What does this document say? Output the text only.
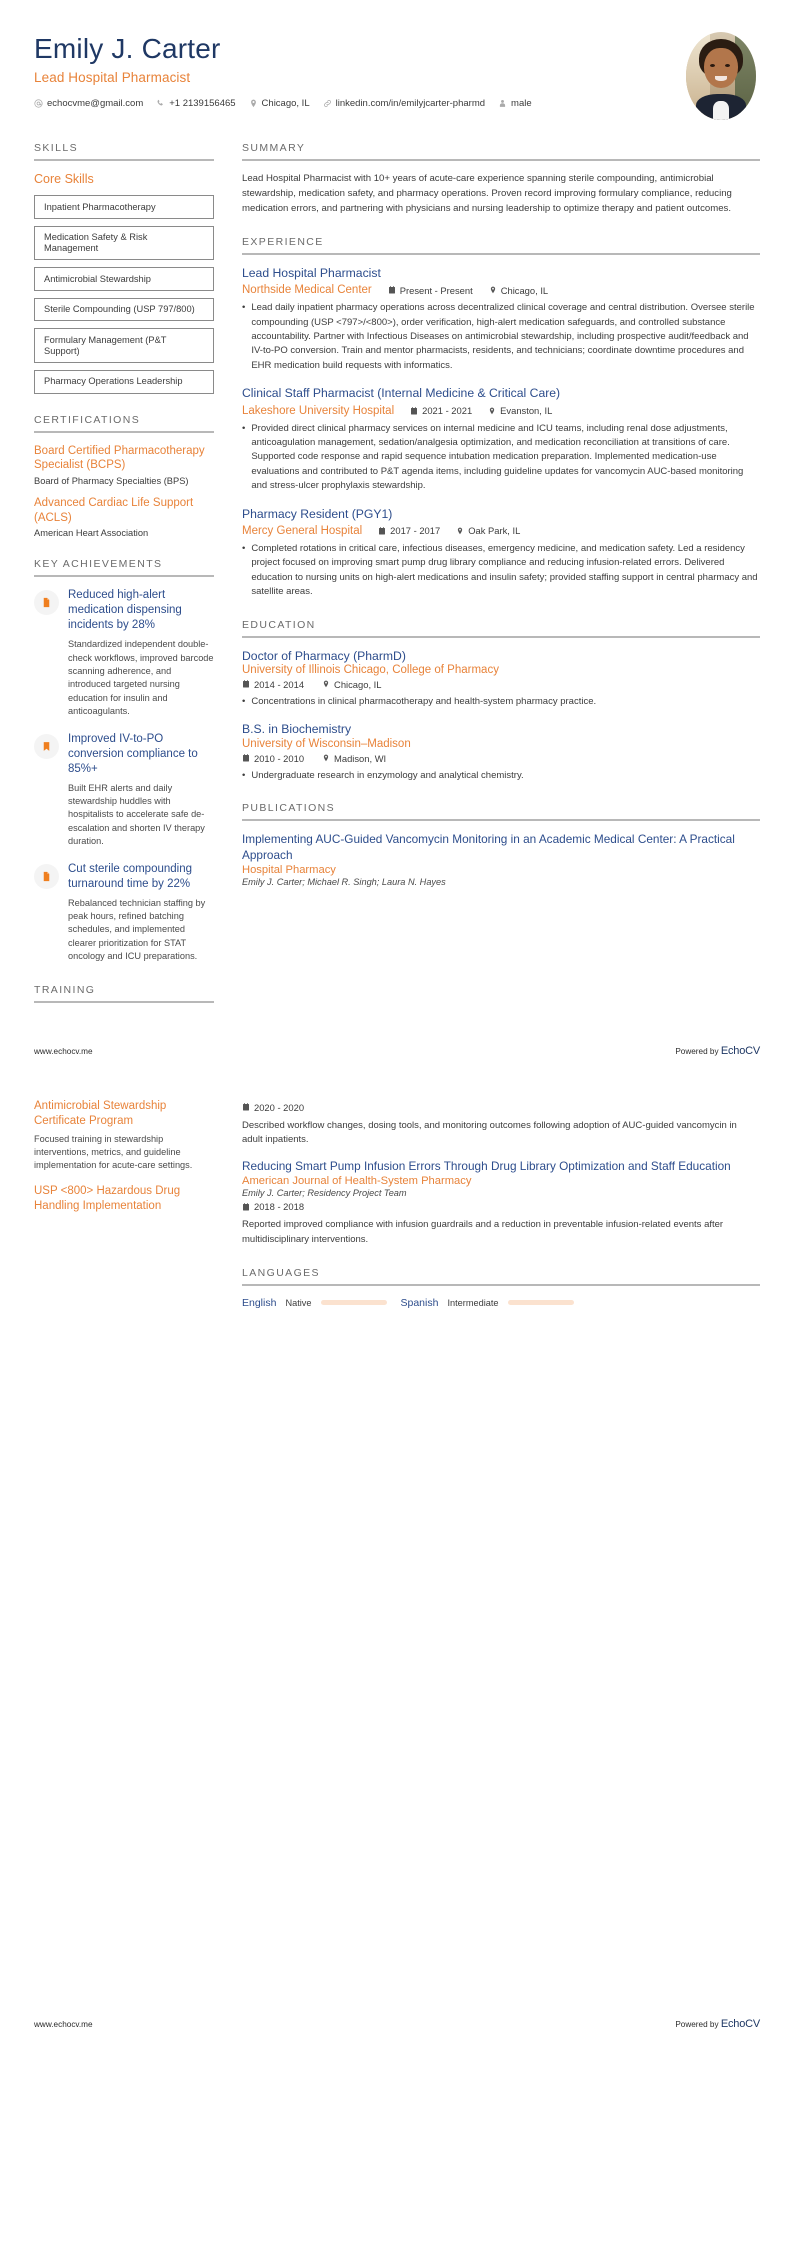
Emily J. Carter
Lead Hospital Pharmacist
echocvme@gmail.com	+1 2139156465	Chicago, IL	linkedin.com/in/emilyjcarter-pharmd	male
SKILLS
Core Skills
Inpatient Pharmacotherapy
Medication Safety & Risk Management
Antimicrobial Stewardship
Sterile Compounding (USP 797/800)
Formulary Management (P&T Support)
Pharmacy Operations Leadership
CERTIFICATIONS
Board Certified Pharmacotherapy Specialist (BCPS)
Board of Pharmacy Specialties (BPS)
Advanced Cardiac Life Support (ACLS)
American Heart Association
KEY ACHIEVEMENTS
Reduced high-alert medication dispensing incidents by 28%
Standardized independent double-check workflows, improved barcode scanning adherence, and introduced targeted nursing education for insulin and anticoagulants.
Improved IV-to-PO conversion compliance to 85%+
Built EHR alerts and daily stewardship huddles with hospitalists to accelerate safe de-escalation and shorten IV therapy duration.
Cut sterile compounding turnaround time by 22%
Rebalanced technician staffing by peak hours, refined batching schedules, and implemented clearer prioritization for STAT oncology and ICU preparations.
TRAINING
SUMMARY
Lead Hospital Pharmacist with 10+ years of acute-care experience spanning sterile compounding, antimicrobial stewardship, medication safety, and pharmacy operations. Proven record improving formulary compliance, reducing medication errors, and partnering with physicians and nursing leadership to optimize therapy and patient outcomes.
EXPERIENCE
Lead Hospital Pharmacist
Northside Medical Center	Present - Present	Chicago, IL
• Lead daily inpatient pharmacy operations across decentralized clinical coverage and central distribution. Oversee sterile compounding (USP <797>/<800>), order verification, high-alert medication safeguards, and controlled substance accountability. Partner with Infectious Diseases on antimicrobial stewardship, including prospective audit/feedback and IV-to-PO conversion. Train and mentor pharmacists, residents, and technicians; coordinate downtime procedures and EHR medication build requests with informatics.
Clinical Staff Pharmacist (Internal Medicine & Critical Care)
Lakeshore University Hospital	2021 - 2021	Evanston, IL
• Provided direct clinical pharmacy services on internal medicine and ICU teams, including renal dose adjustments, anticoagulation management, sedation/analgesia optimization, and medication reconciliation at transitions of care. Supported code response and rapid sequence intubation medication preparation. Implemented medication-use evaluations and contributed to P&T agenda items, including guideline updates for vancomycin AUC-based monitoring and stress-ulcer prophylaxis stewardship.
Pharmacy Resident (PGY1)
Mercy General Hospital	2017 - 2017	Oak Park, IL
• Completed rotations in critical care, infectious diseases, emergency medicine, and medication safety. Led a residency project focused on improving smart pump drug library compliance and reducing infusion-related errors. Delivered education to nursing units on high-alert medications and insulin safety; provided staffing support in central pharmacy and satellite areas.
EDUCATION
Doctor of Pharmacy (PharmD)
University of Illinois Chicago, College of Pharmacy
2014 - 2014	Chicago, IL
• Concentrations in clinical pharmacotherapy and health-system pharmacy practice.
B.S. in Biochemistry
University of Wisconsin–Madison
2010 - 2010	Madison, WI
• Undergraduate research in enzymology and analytical chemistry.
PUBLICATIONS
Implementing AUC-Guided Vancomycin Monitoring in an Academic Medical Center: A Practical Approach
Hospital Pharmacy
Emily J. Carter; Michael R. Singh; Laura N. Hayes
www.echocv.me	Powered by EchoCV
Antimicrobial Stewardship Certificate Program
Focused training in stewardship interventions, metrics, and guideline implementation for acute-care settings.
USP <800> Hazardous Drug Handling Implementation
2020 - 2020
Described workflow changes, dosing tools, and monitoring outcomes following adoption of AUC-guided vancomycin in adult inpatients.
Reducing Smart Pump Infusion Errors Through Drug Library Optimization and Staff Education
American Journal of Health-System Pharmacy
Emily J. Carter; Residency Project Team
2018 - 2018
Reported improved compliance with infusion guardrails and a reduction in preventable infusion-related events after multidisciplinary interventions.
LANGUAGES
English Native	Spanish Intermediate
www.echocv.me	Powered by EchoCV
